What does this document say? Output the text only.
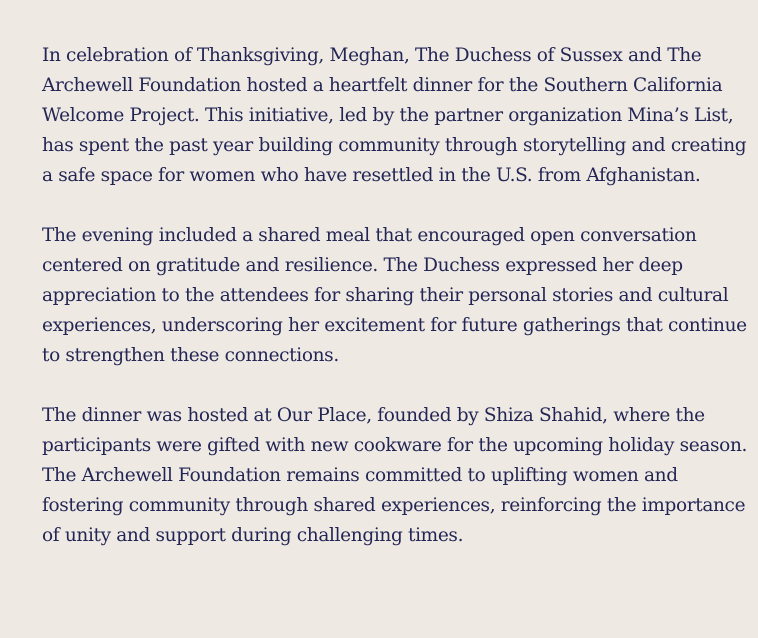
In celebration of Thanksgiving, Meghan, The Duchess of Sussex and The
Archewell Foundation hosted a heartfelt dinner for the Southern California
Welcome Project. This initiative, led by the partner organization Mina’s List,
has spent the past year building community through storytelling and creating
a safe space for women who have resettled in the U.S. from Afghanistan.

The evening included a shared meal that encouraged open conversation
centered on gratitude and resilience. The Duchess expressed her deep
appreciation to the attendees for sharing their personal stories and cultural
experiences, underscoring her excitement for future gatherings that continue
to strengthen these connections.

The dinner was hosted at Our Place, founded by Shiza Shahid, where the
participants were gifted with new cookware for the upcoming holiday season.
The Archewell Foundation remains committed to uplifting women and
fostering community through shared experiences, reinforcing the importance
of unity and support during challenging times.
